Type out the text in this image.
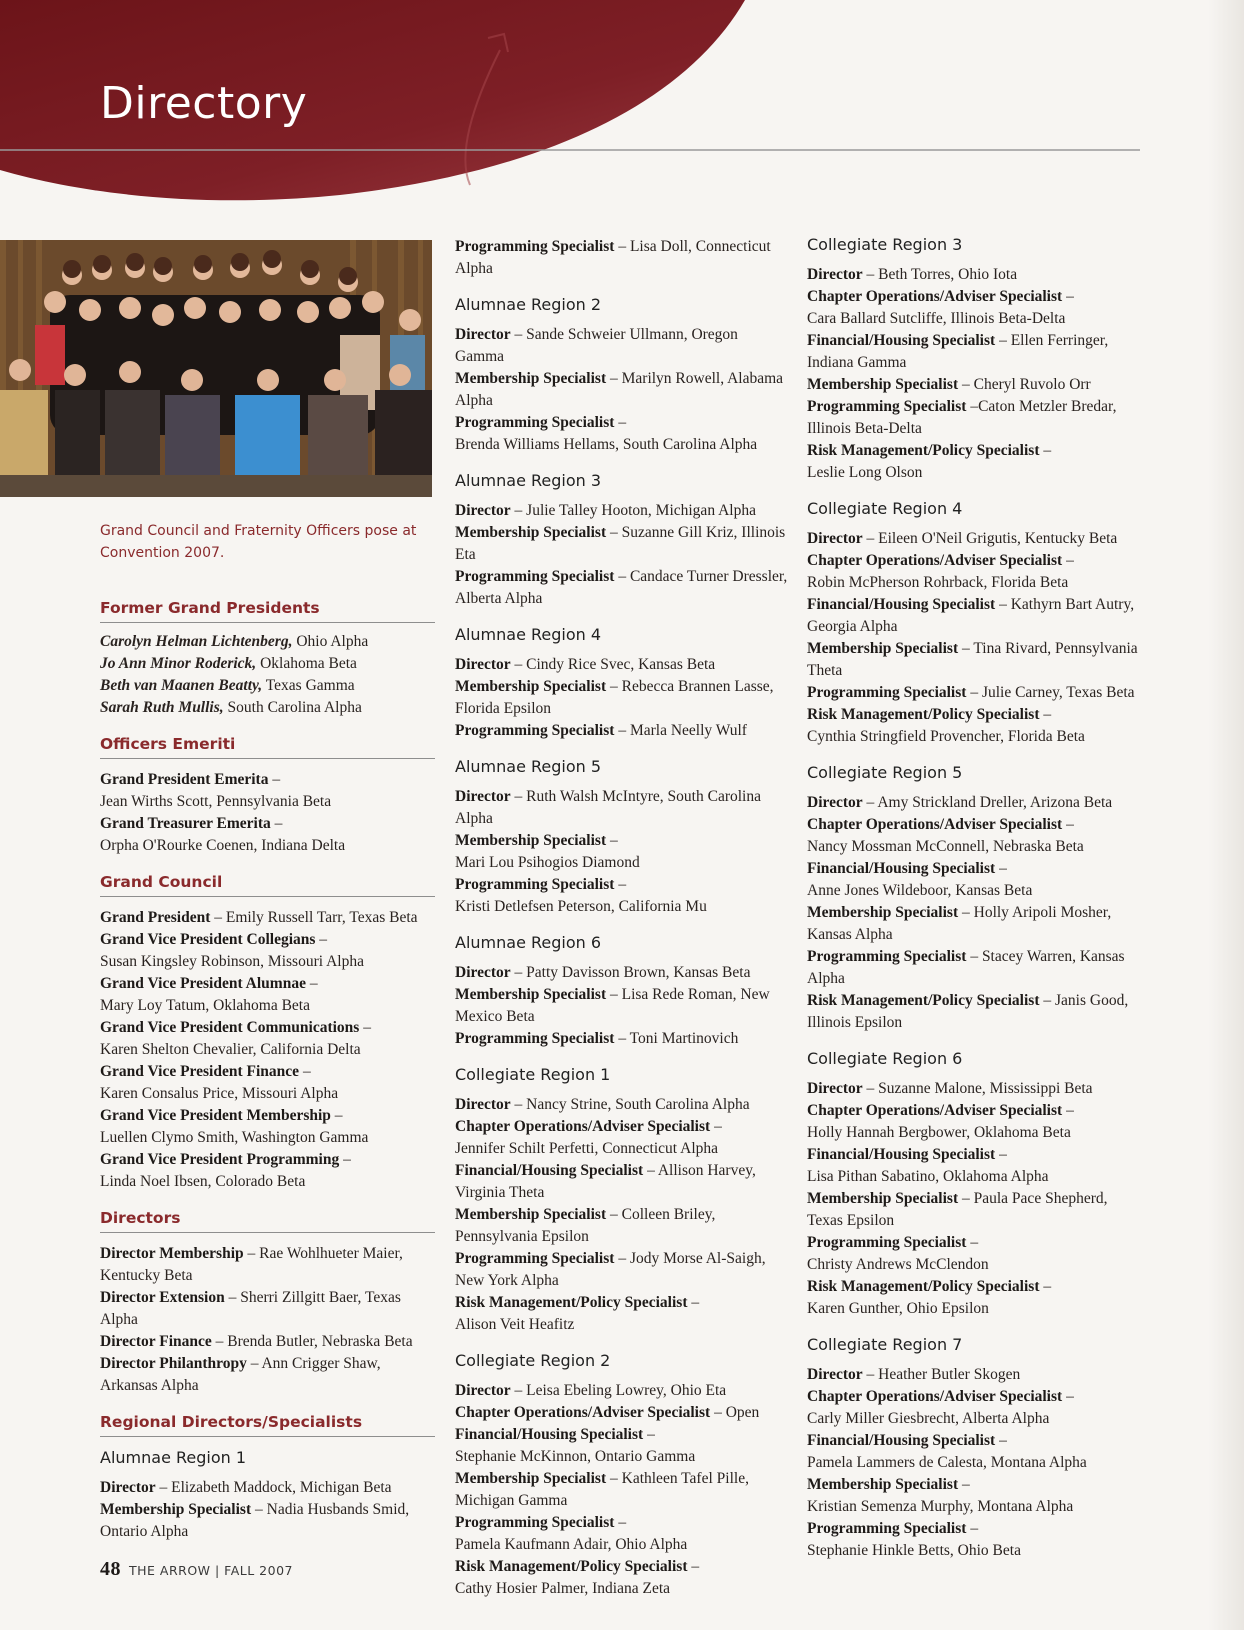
Directory
Grand Council and Fraternity Officers pose at Convention 2007.
Former Grand Presidents
Carolyn Helman Lichtenberg, Ohio Alpha
Jo Ann Minor Roderick, Oklahoma Beta
Beth van Maanen Beatty, Texas Gamma
Sarah Ruth Mullis, South Carolina Alpha
Officers Emeriti
Grand President Emerita –
Jean Wirths Scott, Pennsylvania Beta
Grand Treasurer Emerita –
Orpha O'Rourke Coenen, Indiana Delta
Grand Council
Grand President – Emily Russell Tarr, Texas Beta
Grand Vice President Collegians –
Susan Kingsley Robinson, Missouri Alpha
Grand Vice President Alumnae –
Mary Loy Tatum, Oklahoma Beta
Grand Vice President Communications –
Karen Shelton Chevalier, California Delta
Grand Vice President Finance –
Karen Consalus Price, Missouri Alpha
Grand Vice President Membership –
Luellen Clymo Smith, Washington Gamma
Grand Vice President Programming –
Linda Noel Ibsen, Colorado Beta
Directors
Director Membership – Rae Wohlhueter Maier, Kentucky Beta
Director Extension – Sherri Zillgitt Baer, Texas Alpha
Director Finance – Brenda Butler, Nebraska Beta
Director Philanthropy – Ann Crigger Shaw, Arkansas Alpha
Regional Directors/Specialists
Alumnae Region 1
Director – Elizabeth Maddock, Michigan Beta
Membership Specialist – Nadia Husbands Smid, Ontario Alpha
Programming Specialist – Lisa Doll, Connecticut Alpha
Alumnae Region 2
Director – Sande Schweier Ullmann, Oregon Gamma
Membership Specialist – Marilyn Rowell, Alabama Alpha
Programming Specialist –
Brenda Williams Hellams, South Carolina Alpha
Alumnae Region 3
Director – Julie Talley Hooton, Michigan Alpha
Membership Specialist – Suzanne Gill Kriz, Illinois Eta
Programming Specialist – Candace Turner Dressler, Alberta Alpha
Alumnae Region 4
Director – Cindy Rice Svec, Kansas Beta
Membership Specialist – Rebecca Brannen Lasse, Florida Epsilon
Programming Specialist – Marla Neelly Wulf
Alumnae Region 5
Director – Ruth Walsh McIntyre, South Carolina Alpha
Membership Specialist –
Mari Lou Psihogios Diamond
Programming Specialist –
Kristi Detlefsen Peterson, California Mu
Alumnae Region 6
Director – Patty Davisson Brown, Kansas Beta
Membership Specialist – Lisa Rede Roman, New Mexico Beta
Programming Specialist – Toni Martinovich
Collegiate Region 1
Director – Nancy Strine, South Carolina Alpha
Chapter Operations/Adviser Specialist –
Jennifer Schilt Perfetti, Connecticut Alpha
Financial/Housing Specialist – Allison Harvey, Virginia Theta
Membership Specialist – Colleen Briley, Pennsylvania Epsilon
Programming Specialist – Jody Morse Al-Saigh, New York Alpha
Risk Management/Policy Specialist –
Alison Veit Heafitz
Collegiate Region 2
Director – Leisa Ebeling Lowrey, Ohio Eta
Chapter Operations/Adviser Specialist – Open
Financial/Housing Specialist –
Stephanie McKinnon, Ontario Gamma
Membership Specialist – Kathleen Tafel Pille, Michigan Gamma
Programming Specialist –
Pamela Kaufmann Adair, Ohio Alpha
Risk Management/Policy Specialist –
Cathy Hosier Palmer, Indiana Zeta
Collegiate Region 3
Director – Beth Torres, Ohio Iota
Chapter Operations/Adviser Specialist –
Cara Ballard Sutcliffe, Illinois Beta-Delta
Financial/Housing Specialist – Ellen Ferringer, Indiana Gamma
Membership Specialist – Cheryl Ruvolo Orr
Programming Specialist –Caton Metzler Bredar, Illinois Beta-Delta
Risk Management/Policy Specialist –
Leslie Long Olson
Collegiate Region 4
Director – Eileen O'Neil Grigutis, Kentucky Beta
Chapter Operations/Adviser Specialist –
Robin McPherson Rohrback, Florida Beta
Financial/Housing Specialist – Kathyrn Bart Autry, Georgia Alpha
Membership Specialist – Tina Rivard, Pennsylvania Theta
Programming Specialist – Julie Carney, Texas Beta
Risk Management/Policy Specialist –
Cynthia Stringfield Provencher, Florida Beta
Collegiate Region 5
Director – Amy Strickland Dreller, Arizona Beta
Chapter Operations/Adviser Specialist –
Nancy Mossman McConnell, Nebraska Beta
Financial/Housing Specialist –
Anne Jones Wildeboor, Kansas Beta
Membership Specialist – Holly Aripoli Mosher, Kansas Alpha
Programming Specialist – Stacey Warren, Kansas Alpha
Risk Management/Policy Specialist – Janis Good, Illinois Epsilon
Collegiate Region 6
Director – Suzanne Malone, Mississippi Beta
Chapter Operations/Adviser Specialist –
Holly Hannah Bergbower, Oklahoma Beta
Financial/Housing Specialist –
Lisa Pithan Sabatino, Oklahoma Alpha
Membership Specialist – Paula Pace Shepherd, Texas Epsilon
Programming Specialist –
Christy Andrews McClendon
Risk Management/Policy Specialist –
Karen Gunther, Ohio Epsilon
Collegiate Region 7
Director – Heather Butler Skogen
Chapter Operations/Adviser Specialist –
Carly Miller Giesbrecht, Alberta Alpha
Financial/Housing Specialist –
Pamela Lammers de Calesta, Montana Alpha
Membership Specialist –
Kristian Semenza Murphy, Montana Alpha
Programming Specialist –
Stephanie Hinkle Betts, Ohio Beta
48 THE ARROW | FALL 2007
